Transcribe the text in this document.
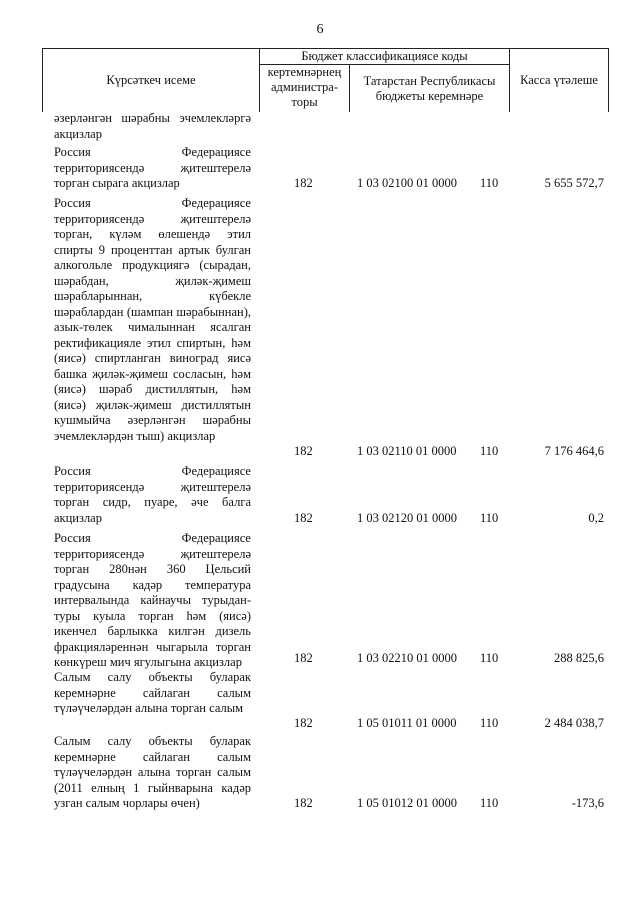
6
Күрсәткеч исеме
Бюджет классификациясе коды
кертемнәрнең администра-торы
Татарстан Республикасы бюджеты керемнәре
Касса үтәлеше
әзерләнгән шәрабны эчемлекләргә акцизлар
Россия Федерациясе территориясендә җитештерелә торган сырага акцизлар	182	1 03 02100 01 0000 110	5 655 572,7
Россия Федерациясе территориясендә җитештерелә торган, күләм өлешендә этил спирты 9 проценттан артык булган алкогольле продукциягә (сырадан, шәрабдан, җиләк-җимеш шәрабларыннан, күбекле шәраблардан (шампан шәрабыннан), азык-төлек чималыннан ясалган ректификацияле этил спиртын, һәм (яисә) спиртлангaн виноград яисә башка җиләк-җимеш сосласын, һәм (яисә) шәраб дистиллятын, һәм (яисә) җиләк-җимеш дистиллятын кушмыйча әзерләнгән шәрабны эчемлекләрдән тыш) акцизлар
182	1 03 02110 01 0000 110	7 176 464,6
Россия Федерациясе территориясендә җитештерелә торган сидр, пуаре, әче балга акцизлар	182	1 03 02120 01 0000 110	0,2
Россия Федерациясе территориясендә җитештерелә торган 280нән 360 Цельсий градусына кадәр температура интервалында кайнаучы турыдан-туры куыла торган һәм (яисә) икенчел барлыкка килгән дизель фракцияләреннән чыгарыла торган көнкүреш мич ягулыгына акцизлар	182	1 03 02210 01 0000 110	288 825,6
Салым салу объекты буларак керемнәрне сайлаган салым түләүчеләрдән алына торган салым
182	1 05 01011 01 0000 110	2 484 038,7
Салым салу объекты буларак керемнәрне сайлаган салым түләүчеләрдән алына торган салым (2011 елның 1 гыйнварына кадәр узган салым чорлары өчен)	182	1 05 01012 01 0000 110	-173,6
